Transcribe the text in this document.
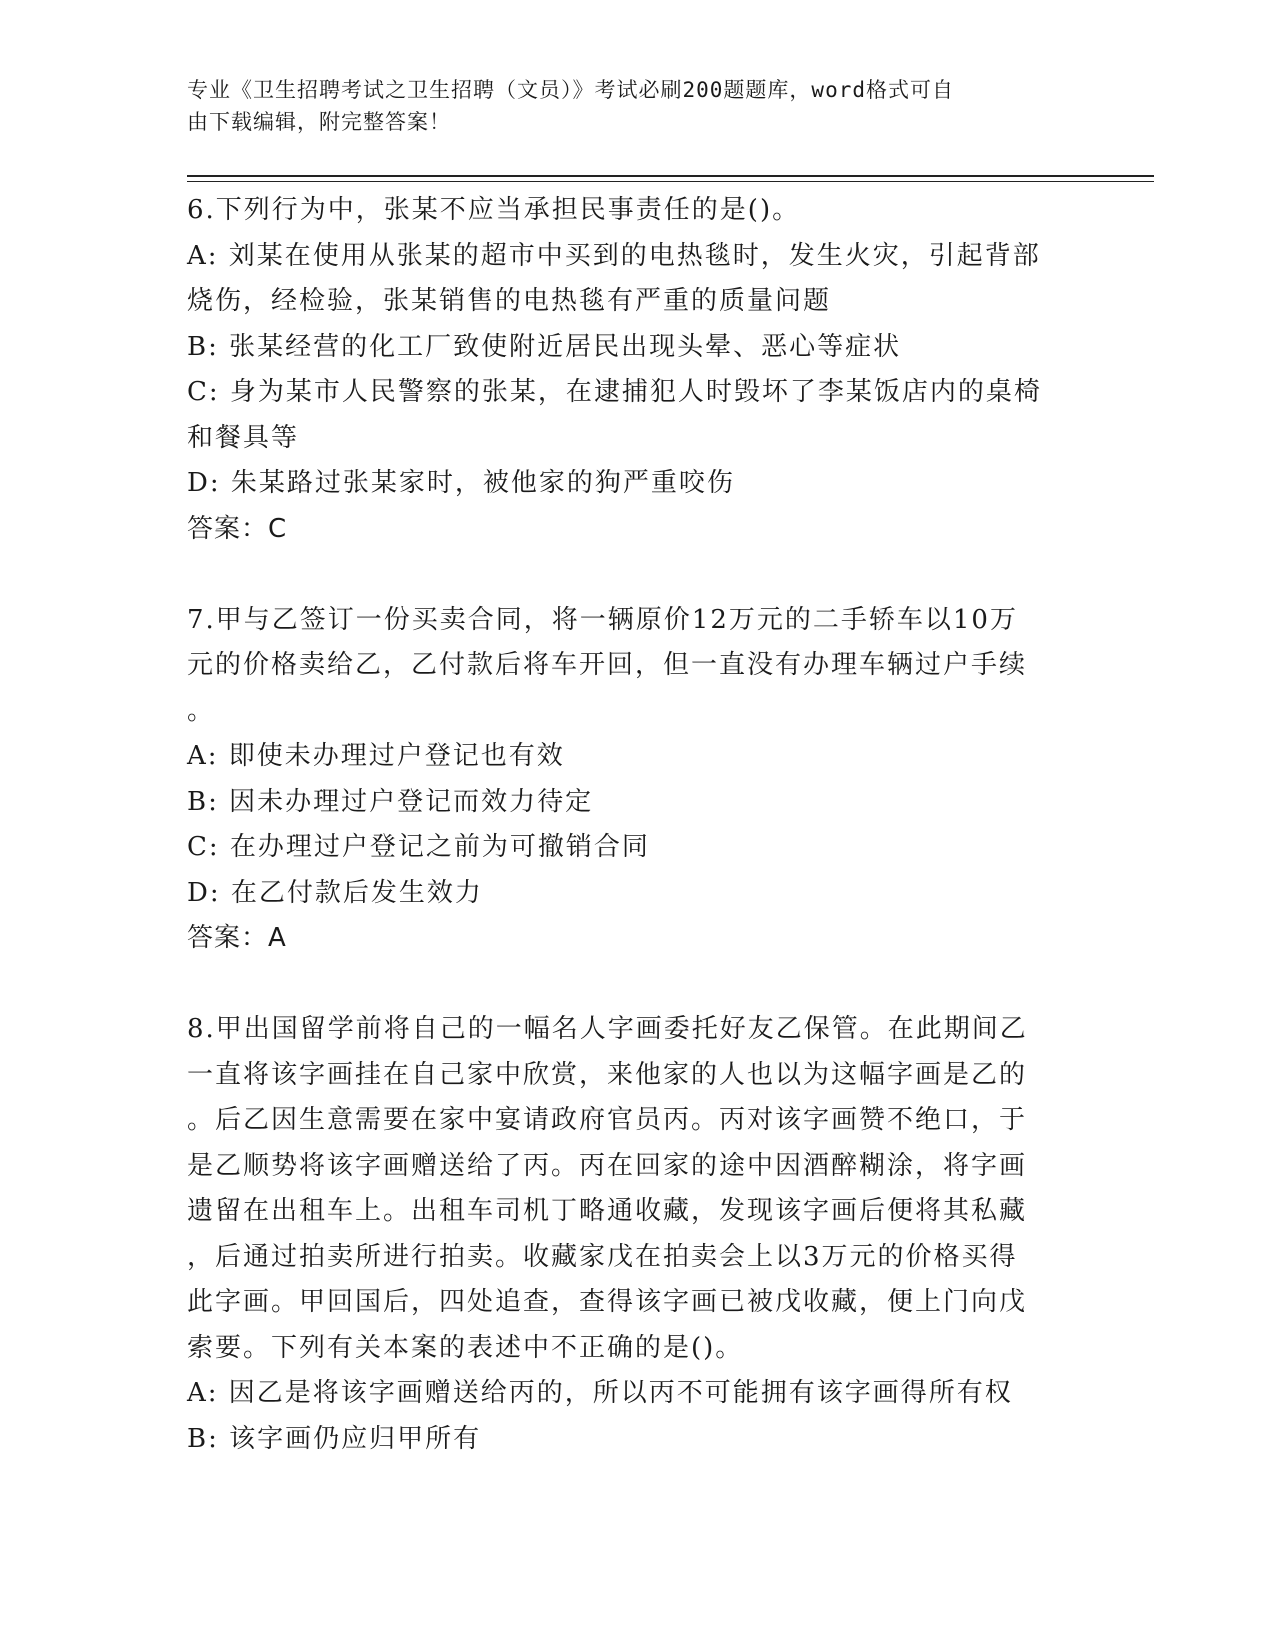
专业《卫生招聘考试之卫生招聘（文员）》考试必刷200题题库，word格式可自
由下载编辑，附完整答案！
6.下列行为中，张某不应当承担民事责任的是()。
A: 刘某在使用从张某的超市中买到的电热毯时，发生火灾，引起背部
烧伤，经检验，张某销售的电热毯有严重的质量问题
B: 张某经营的化工厂致使附近居民出现头晕、恶心等症状
C: 身为某市人民警察的张某，在逮捕犯人时毁坏了李某饭店内的桌椅
和餐具等
D: 朱某路过张某家时，被他家的狗严重咬伤
答案：C
7.甲与乙签订一份买卖合同，将一辆原价12万元的二手轿车以10万
元的价格卖给乙，乙付款后将车开回，但一直没有办理车辆过户手续
。
A: 即使未办理过户登记也有效
B: 因未办理过户登记而效力待定
C: 在办理过户登记之前为可撤销合同
D: 在乙付款后发生效力
答案：A
8.甲出国留学前将自己的一幅名人字画委托好友乙保管。在此期间乙
一直将该字画挂在自己家中欣赏，来他家的人也以为这幅字画是乙的
。后乙因生意需要在家中宴请政府官员丙。丙对该字画赞不绝口，于
是乙顺势将该字画赠送给了丙。丙在回家的途中因酒醉糊涂，将字画
遗留在出租车上。出租车司机丁略通收藏，发现该字画后便将其私藏
，后通过拍卖所进行拍卖。收藏家戊在拍卖会上以3万元的价格买得
此字画。甲回国后，四处追查，查得该字画已被戊收藏，便上门向戊
索要。下列有关本案的表述中不正确的是()。
A: 因乙是将该字画赠送给丙的，所以丙不可能拥有该字画得所有权
B: 该字画仍应归甲所有
